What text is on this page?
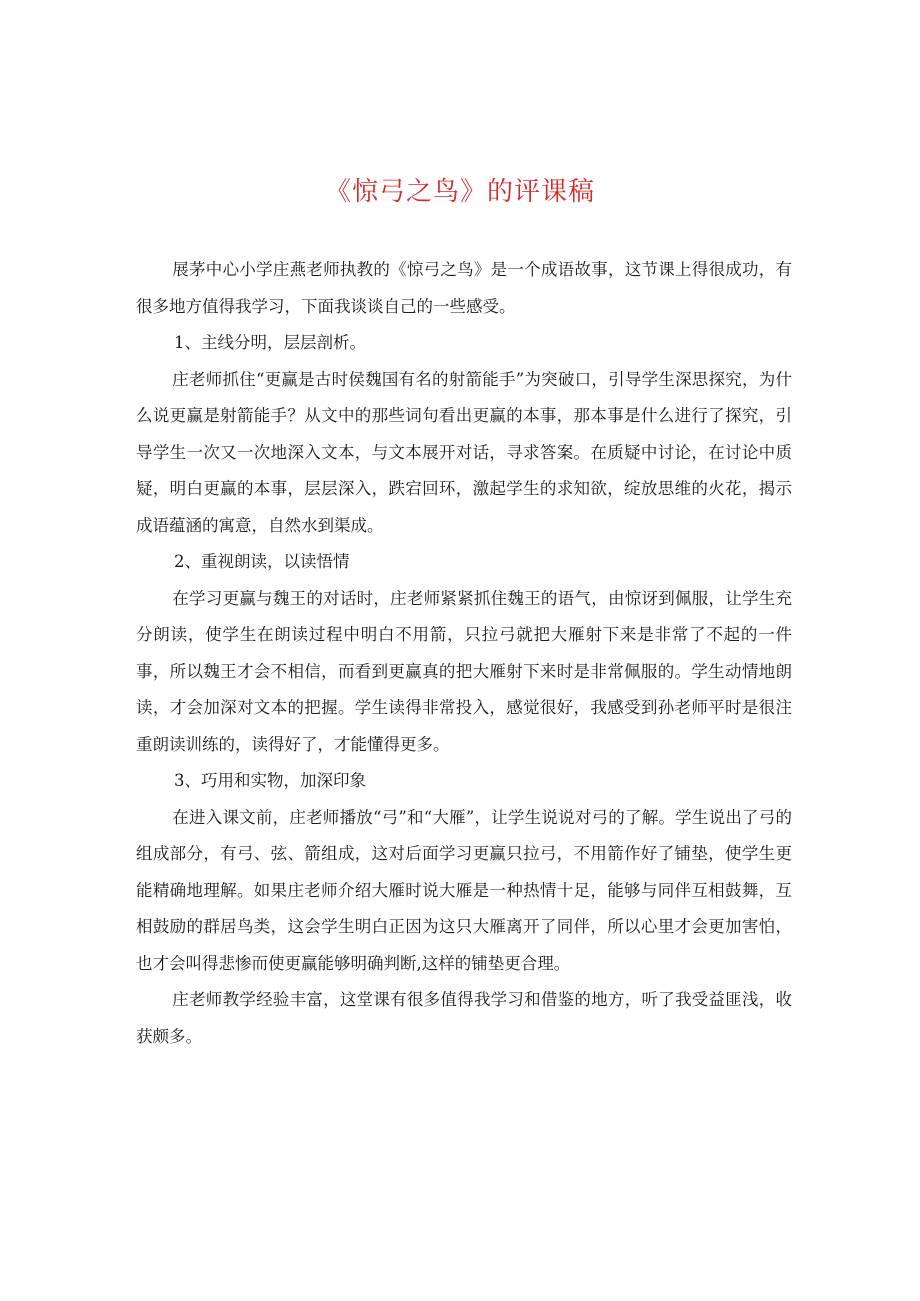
《惊弓之鸟》的评课稿

展茅中心小学庄燕老师执教的《惊弓之鸟》是一个成语故事，这节课上得很成功，有很多地方值得我学习，下面我谈谈自己的一些感受。

1、主线分明，层层剖析。

庄老师抓住“更赢是古时侯魏国有名的射箭能手”为突破口，引导学生深思探究，为什么说更赢是射箭能手？从文中的那些词句看出更赢的本事，那本事是什么进行了探究，引导学生一次又一次地深入文本，与文本展开对话，寻求答案。在质疑中讨论，在讨论中质疑，明白更赢的本事，层层深入，跌宕回环，激起学生的求知欲，绽放思维的火花，揭示成语蕴涵的寓意，自然水到渠成。

2、重视朗读，以读悟情

在学习更赢与魏王的对话时，庄老师紧紧抓住魏王的语气，由惊讶到佩服，让学生充分朗读，使学生在朗读过程中明白不用箭，只拉弓就把大雁射下来是非常了不起的一件事，所以魏王才会不相信，而看到更赢真的把大雁射下来时是非常佩服的。学生动情地朗读，才会加深对文本的把握。学生读得非常投入，感觉很好，我感受到孙老师平时是很注重朗读训练的，读得好了，才能懂得更多。

3、巧用和实物，加深印象

在进入课文前，庄老师播放“弓”和“大雁”，让学生说说对弓的了解。学生说出了弓的组成部分，有弓、弦、箭组成，这对后面学习更赢只拉弓，不用箭作好了铺垫，使学生更能精确地理解。如果庄老师介绍大雁时说大雁是一种热情十足，能够与同伴互相鼓舞，互相鼓励的群居鸟类，这会学生明白正因为这只大雁离开了同伴，所以心里才会更加害怕，也才会叫得悲惨而使更赢能够明确判断,这样的铺垫更合理。

庄老师教学经验丰富，这堂课有很多值得我学习和借鉴的地方，听了我受益匪浅，收获颇多。
